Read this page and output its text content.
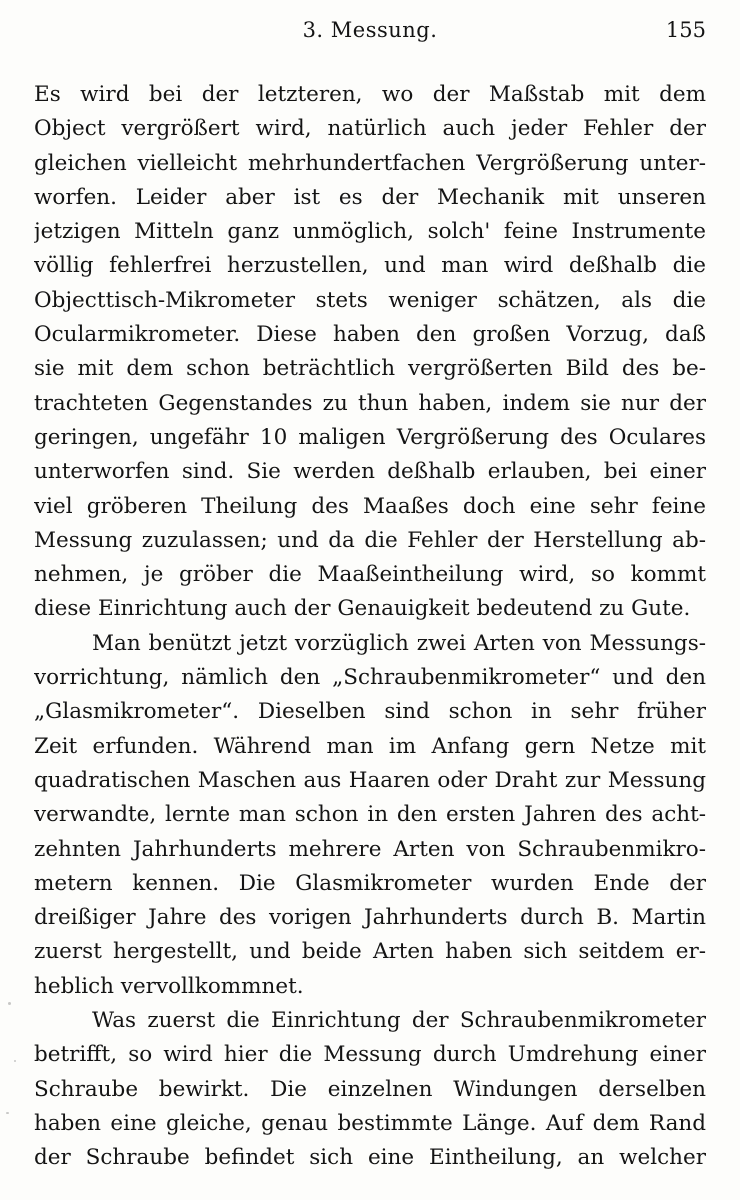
3. Messung.	155
Es wird bei der letzteren, wo der Maßstab mit dem
Object vergrößert wird, natürlich auch jeder Fehler der
gleichen vielleicht mehrhundertfachen Vergrößerung unter-
worfen. Leider aber ist es der Mechanik mit unseren
jetzigen Mitteln ganz unmöglich, solch' feine Instrumente
völlig fehlerfrei herzustellen, und man wird deßhalb die
Objecttisch-Mikrometer stets weniger schätzen, als die
Ocularmikrometer. Diese haben den großen Vorzug, daß
sie mit dem schon beträchtlich vergrößerten Bild des be-
trachteten Gegenstandes zu thun haben, indem sie nur der
geringen, ungefähr 10 maligen Vergrößerung des Oculares
unterworfen sind. Sie werden deßhalb erlauben, bei einer
viel gröberen Theilung des Maaßes doch eine sehr feine
Messung zuzulassen; und da die Fehler der Herstellung ab-
nehmen, je gröber die Maaßeintheilung wird, so kommt
diese Einrichtung auch der Genauigkeit bedeutend zu Gute.
Man benützt jetzt vorzüglich zwei Arten von Messungs-
vorrichtung, nämlich den „Schraubenmikrometer“ und den
„Glasmikrometer“. Dieselben sind schon in sehr früher
Zeit erfunden. Während man im Anfang gern Netze mit
quadratischen Maschen aus Haaren oder Draht zur Messung
verwandte, lernte man schon in den ersten Jahren des acht-
zehnten Jahrhunderts mehrere Arten von Schraubenmikro-
metern kennen. Die Glasmikrometer wurden Ende der
dreißiger Jahre des vorigen Jahrhunderts durch B. Martin
zuerst hergestellt, und beide Arten haben sich seitdem er-
heblich vervollkommnet.
Was zuerst die Einrichtung der Schraubenmikrometer
betrifft, so wird hier die Messung durch Umdrehung einer
Schraube bewirkt. Die einzelnen Windungen derselben
haben eine gleiche, genau bestimmte Länge. Auf dem Rand
der Schraube befindet sich eine Eintheilung, an welcher
